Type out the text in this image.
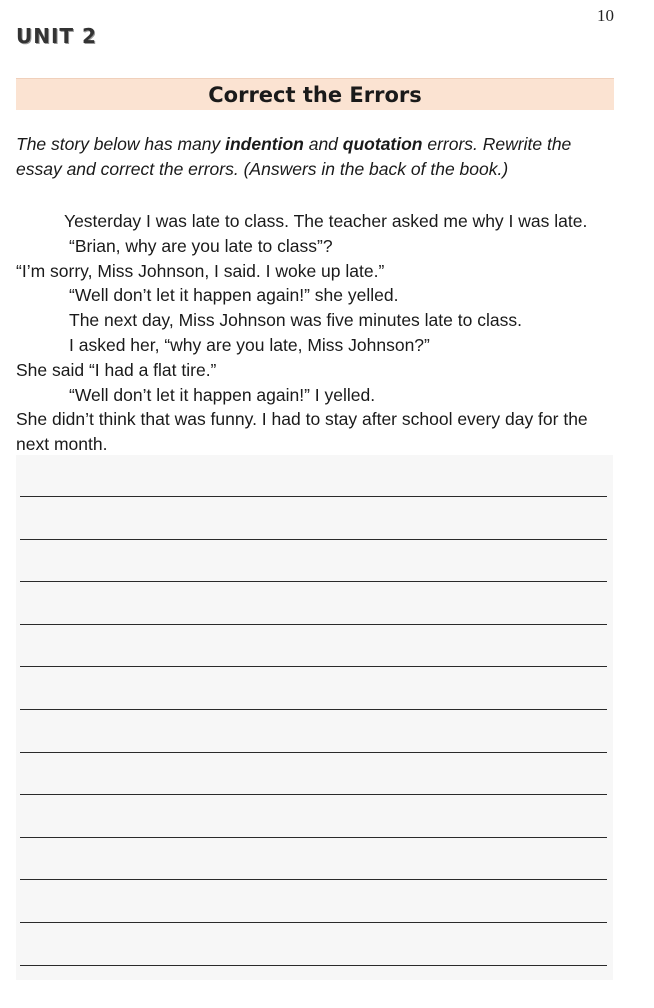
10
UNIT 2
Correct the Errors
The story below has many indention and quotation errors. Rewrite the essay and correct the errors. (Answers in the back of the book.)
Yesterday I was late to class. The teacher asked me why I was late.
“Brian, why are you late to class”?
“I’m sorry, Miss Johnson, I said. I woke up late.”
“Well don’t let it happen again!” she yelled.
The next day, Miss Johnson was five minutes late to class.
I asked her, “why are you late, Miss Johnson?”
She said “I had a flat tire.”
“Well don’t let it happen again!” I yelled.
She didn’t think that was funny. I had to stay after school every day for the next month.
